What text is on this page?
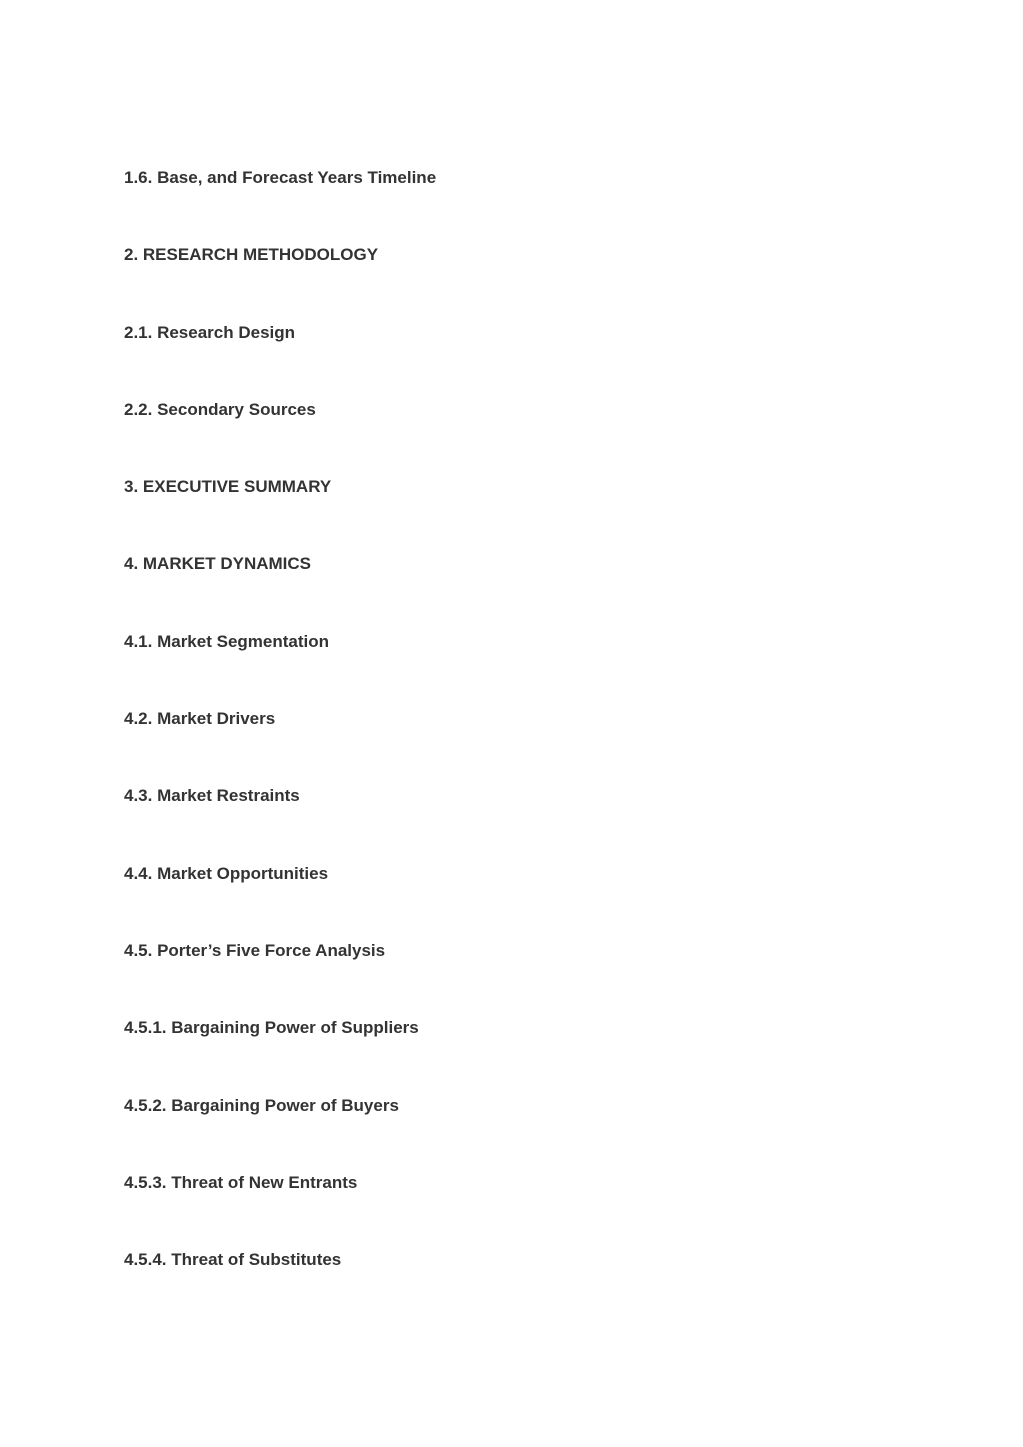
1.6. Base, and Forecast Years Timeline
2. RESEARCH METHODOLOGY
2.1. Research Design
2.2. Secondary Sources
3. EXECUTIVE SUMMARY
4. MARKET DYNAMICS
4.1. Market Segmentation
4.2. Market Drivers
4.3. Market Restraints
4.4. Market Opportunities
4.5. Porter’s Five Force Analysis
4.5.1. Bargaining Power of Suppliers
4.5.2. Bargaining Power of Buyers
4.5.3. Threat of New Entrants
4.5.4. Threat of Substitutes
